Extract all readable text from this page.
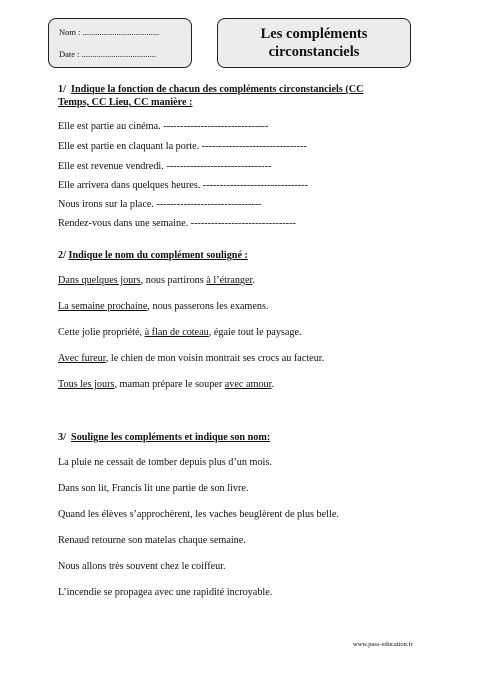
Nom : ....................................
Date : ...................................
Les compléments
circonstanciels
1/ Indique la fonction de chacun des compléments circonstanciels (CC
Temps, CC Lieu, CC manière :
Elle est partie au cinéma. -------------------------------
Elle est partie en claquant la porte. -------------------------------
Elle est revenue vendredi. -------------------------------
Elle arrivera dans quelques heures. -------------------------------
Nous irons sur la place. -------------------------------
Rendez-vous dans une semaine. -------------------------------
2/ Indique le nom du complément souligné :
Dans quelques jours, nous partirons à l’étranger.
La semaine prochaine, nous passerons les examens.
Cette jolie propriété, à flan de coteau, égaie tout le paysage.
Avec fureur, le chien de mon voisin montrait ses crocs au facteur.
Tous les jours, maman prépare le souper avec amour.
3/ Souligne les compléments et indique son nom:
La pluie ne cessait de tomber depuis plus d’un mois.
Dans son lit, Francis lit une partie de son livre.
Quand les élèves s’approchèrent, les vaches beuglèrent de plus belle.
Renaud retourne son matelas chaque semaine.
Nous allons très souvent chez le coiffeur.
L’incendie se propagea avec une rapidité incroyable.
www.pass-education.fr
